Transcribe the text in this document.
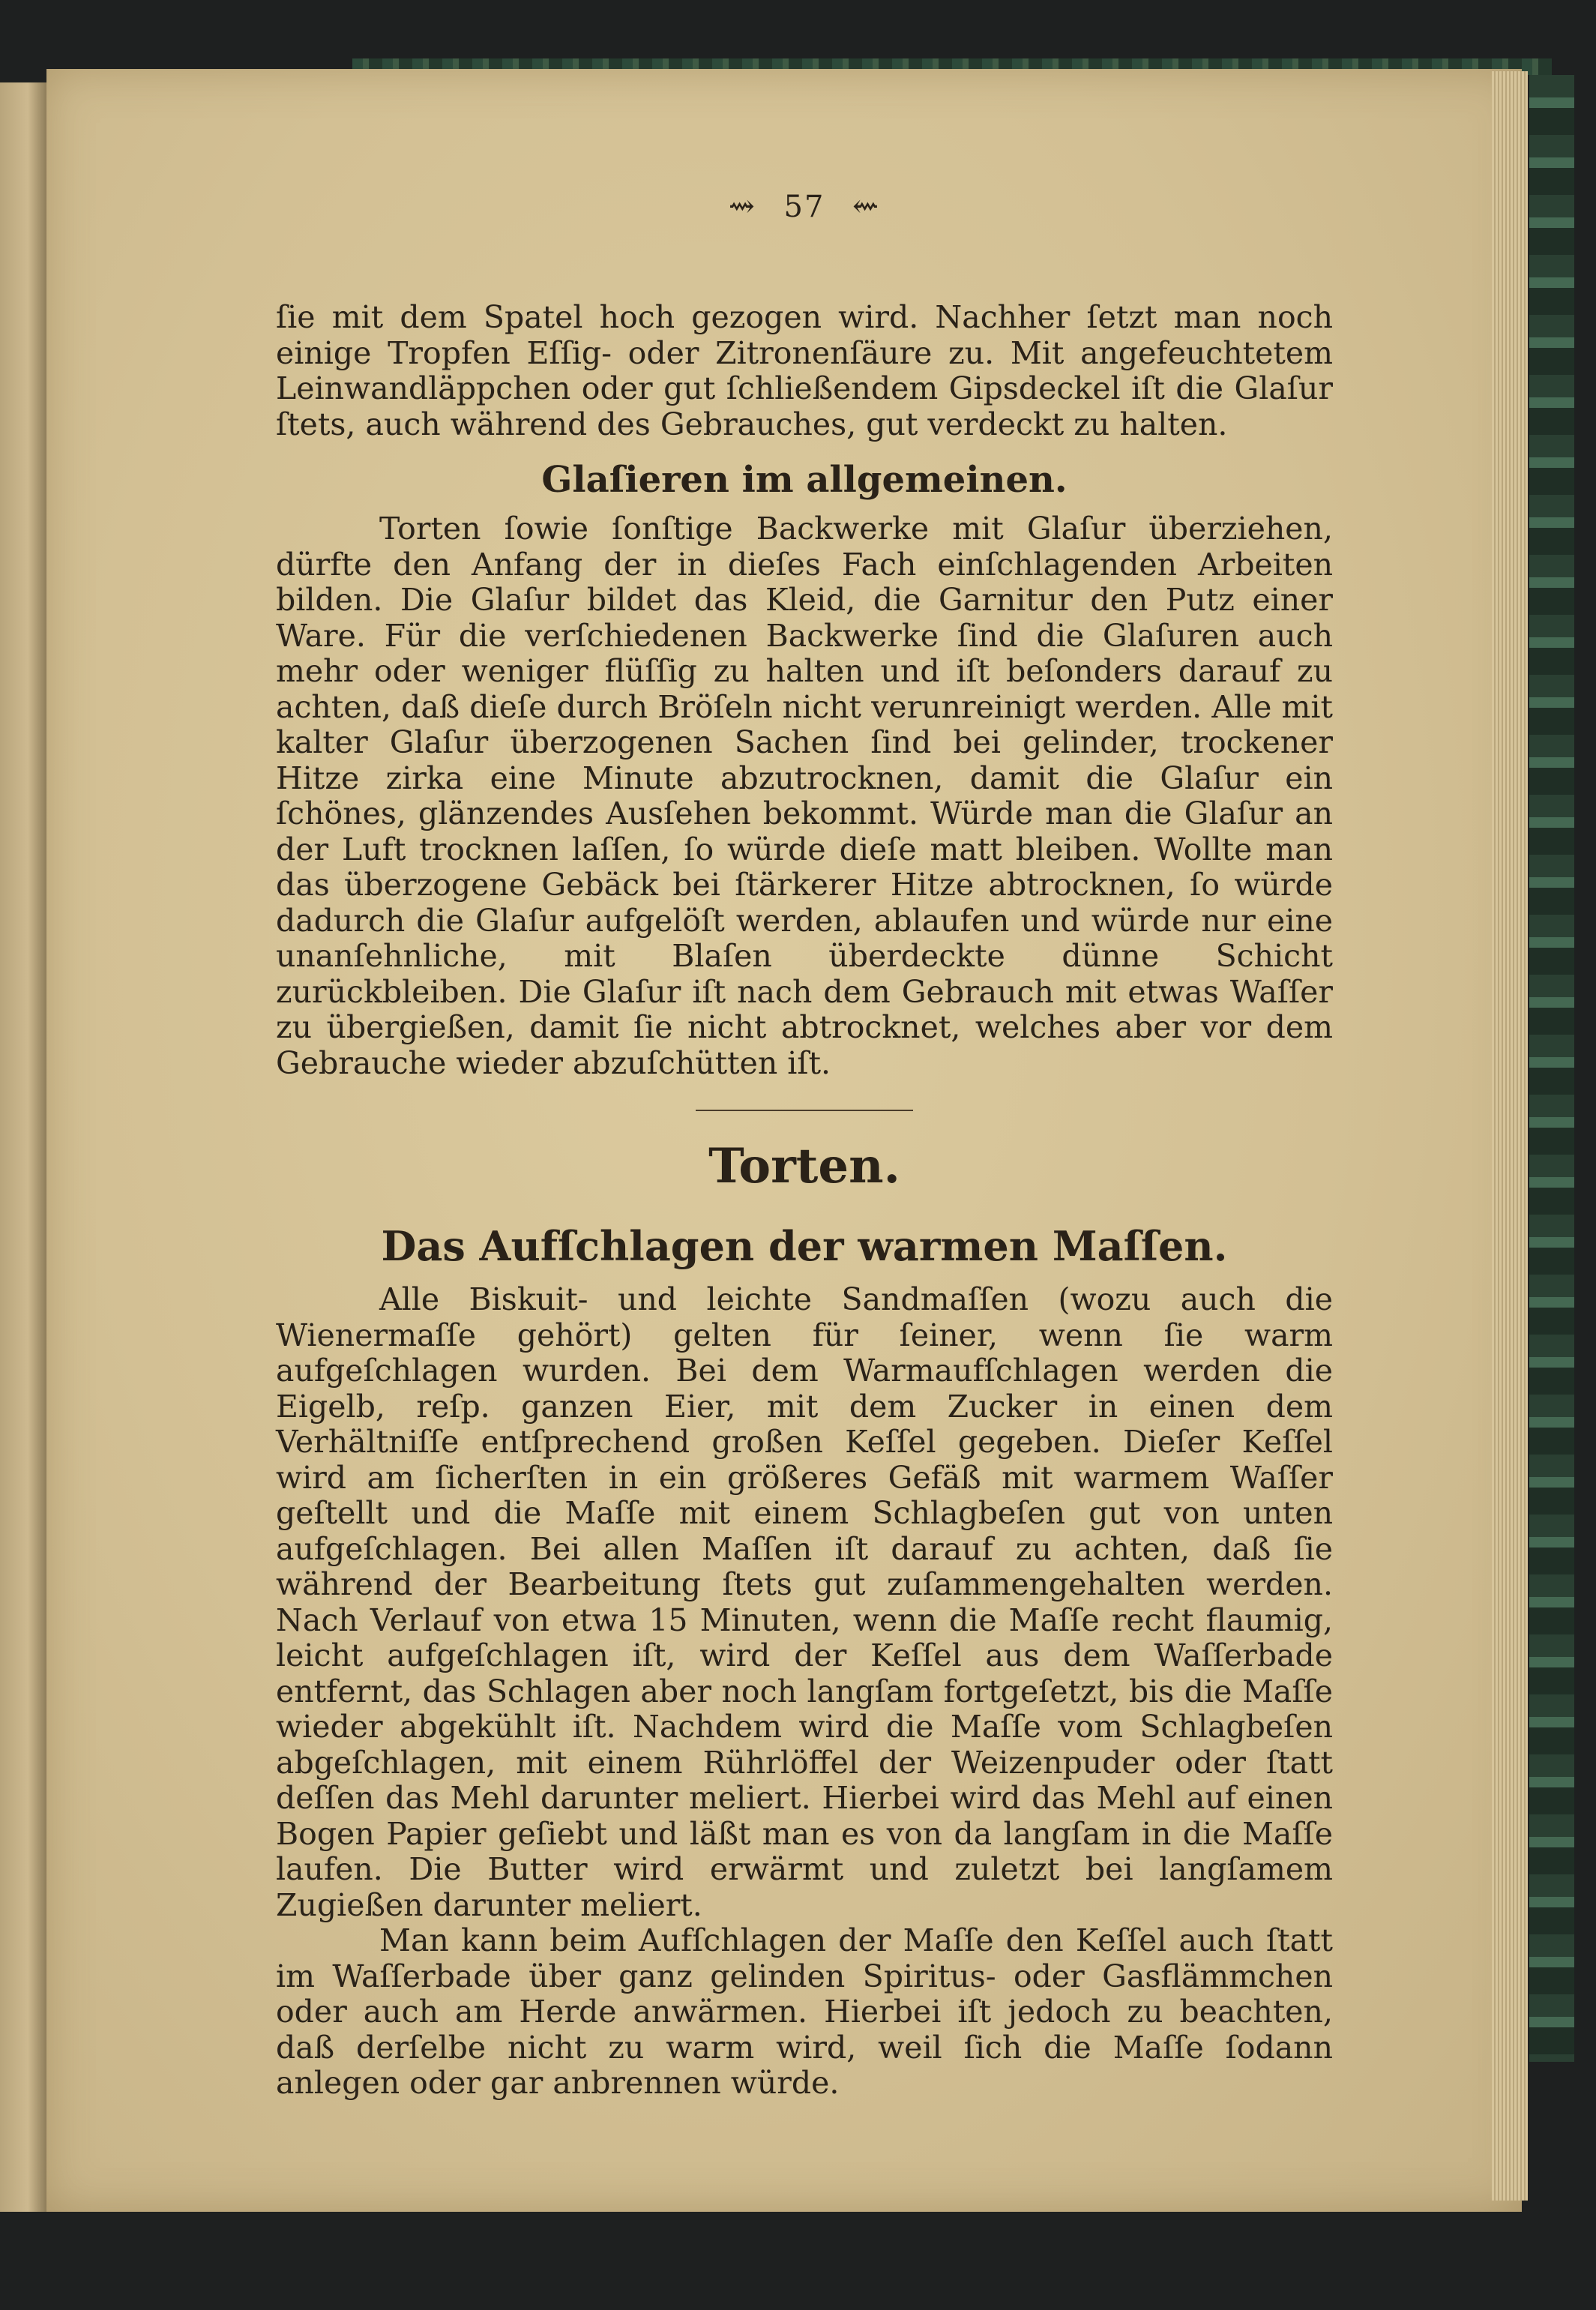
⇝ 57 ⇜

ſie mit dem Spatel hoch gezogen wird. Nachher ſetzt man noch einige Tropfen Eſſig- oder Zitronenſäure zu. Mit angefeuchtetem Leinwandläppchen oder gut ſchließendem Gipsdeckel iſt die Glaſur ſtets, auch während des Gebrauches, gut verdeckt zu halten.

Glaſieren im allgemeinen.

Torten ſowie ſonſtige Backwerke mit Glaſur überziehen, dürfte den Anfang der in dieſes Fach einſchlagenden Arbeiten bilden. Die Glaſur bildet das Kleid, die Garnitur den Putz einer Ware. Für die verſchiedenen Backwerke ſind die Glaſuren auch mehr oder weniger flüſſig zu halten und iſt beſonders darauf zu achten, daß dieſe durch Bröſeln nicht verunreinigt werden. Alle mit kalter Glaſur überzogenen Sachen ſind bei gelinder, trockener Hitze zirka eine Minute abzutrocknen, damit die Glaſur ein ſchönes, glänzendes Ausſehen bekommt. Würde man die Glaſur an der Luft trocknen laſſen, ſo würde dieſe matt bleiben. Wollte man das überzogene Gebäck bei ſtärkerer Hitze abtrocknen, ſo würde dadurch die Glaſur aufgelöſt werden, ablaufen und würde nur eine unanſehnliche, mit Blaſen überdeckte dünne Schicht zurückbleiben. Die Glaſur iſt nach dem Gebrauch mit etwas Waſſer zu übergießen, damit ſie nicht abtrocknet, welches aber vor dem Gebrauche wieder abzuſchütten iſt.

Torten.
Das Aufſchlagen der warmen Maſſen.

Alle Biskuit- und leichte Sandmaſſen (wozu auch die Wienermaſſe gehört) gelten für ſeiner, wenn ſie warm aufgeſchlagen wurden. Bei dem Warmaufſchlagen werden die Eigelb, reſp. ganzen Eier, mit dem Zucker in einen dem Verhältniſſe entſprechend großen Keſſel gegeben. Dieſer Keſſel wird am ſicherſten in ein größeres Gefäß mit warmem Waſſer geſtellt und die Maſſe mit einem Schlagbeſen gut von unten aufgeſchlagen. Bei allen Maſſen iſt darauf zu achten, daß ſie während der Bearbeitung ſtets gut zuſammengehalten werden. Nach Verlauf von etwa 15 Minuten, wenn die Maſſe recht flaumig, leicht aufgeſchlagen iſt, wird der Keſſel aus dem Waſſerbade entfernt, das Schlagen aber noch langſam fortgeſetzt, bis die Maſſe wieder abgekühlt iſt. Nachdem wird die Maſſe vom Schlagbeſen abgeſchlagen, mit einem Rührlöffel der Weizenpuder oder ſtatt deſſen das Mehl darunter meliert. Hierbei wird das Mehl auf einen Bogen Papier geſiebt und läßt man es von da langſam in die Maſſe laufen. Die Butter wird erwärmt und zuletzt bei langſamem Zugießen darunter meliert.

Man kann beim Aufſchlagen der Maſſe den Keſſel auch ſtatt im Waſſerbade über ganz gelinden Spiritus- oder Gasflämmchen oder auch am Herde anwärmen. Hierbei iſt jedoch zu beachten, daß derſelbe nicht zu warm wird, weil ſich die Maſſe ſodann anlegen oder gar anbrennen würde.
